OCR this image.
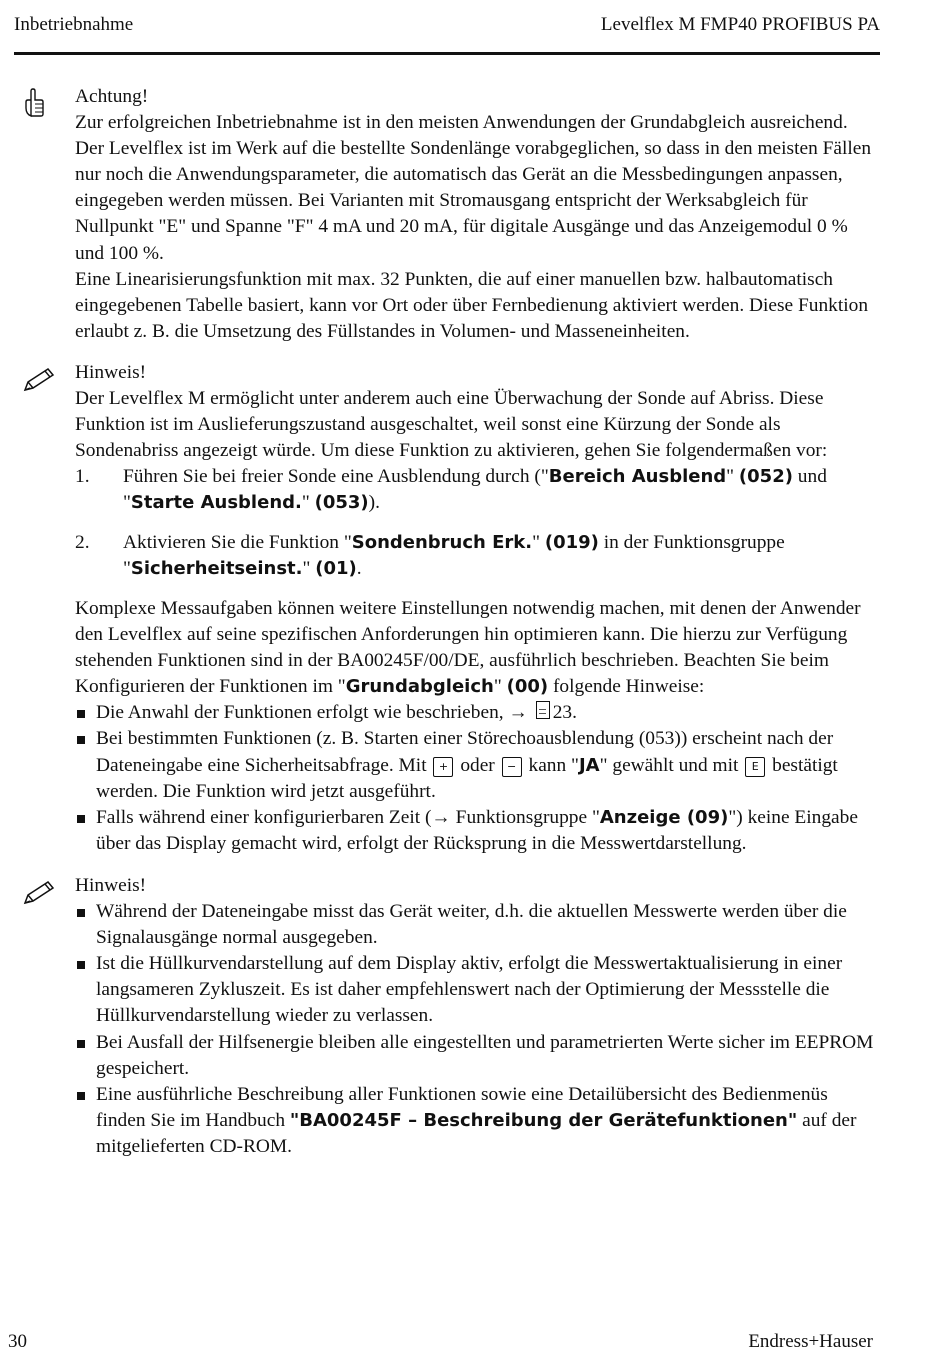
Inbetriebnahme	Levelflex M FMP40 PROFIBUS PA

Achtung!

Zur erfolgreichen Inbetriebnahme ist in den meisten Anwendungen der Grundabgleich ausreichend. Der Levelflex ist im Werk auf die bestellte Sondenlänge vorabgeglichen, so dass in den meisten Fällen nur noch die Anwendungsparameter, die automatisch das Gerät an die Messbedingungen anpassen, eingegeben werden müssen. Bei Varianten mit Stromausgang entspricht der Werksabgleich für Nullpunkt "E" und Spanne "F" 4 mA und 20 mA, für digitale Ausgänge und das Anzeigemodul 0 % und 100 %.

Eine Linearisierungsfunktion mit max. 32 Punkten, die auf einer manuellen bzw. halbautomatisch eingegebenen Tabelle basiert, kann vor Ort oder über Fernbedienung aktiviert werden. Diese Funktion erlaubt z. B. die Umsetzung des Füllstandes in Volumen- und Masseneinheiten.

Hinweis!

Der Levelflex M ermöglicht unter anderem auch eine Überwachung der Sonde auf Abriss. Diese Funktion ist im Auslieferungszustand ausgeschaltet, weil sonst eine Kürzung der Sonde als Sondenabriss angezeigt würde. Um diese Funktion zu aktivieren, gehen Sie folgendermaßen vor:

1. Führen Sie bei freier Sonde eine Ausblendung durch ("Bereich Ausblend" (052) und "Starte Ausblend." (053)).
2. Aktivieren Sie die Funktion "Sondenbruch Erk." (019) in der Funktionsgruppe "Sicherheitseinst." (01).

Komplexe Messaufgaben können weitere Einstellungen notwendig machen, mit denen der Anwender den Levelflex auf seine spezifischen Anforderungen hin optimieren kann. Die hierzu zur Verfügung stehenden Funktionen sind in der BA00245F/00/DE, ausführlich beschrieben. Beachten Sie beim Konfigurieren der Funktionen im "Grundabgleich" (00) folgende Hinweise:

Die Anwahl der Funktionen erfolgt wie beschrieben, → 23.
Bei bestimmten Funktionen (z. B. Starten einer Störechoausblendung (053)) erscheint nach der Dateneingabe eine Sicherheitsabfrage. Mit + oder − kann "JA" gewählt und mit E bestätigt werden. Die Funktion wird jetzt ausgeführt.
Falls während einer konfigurierbaren Zeit (→ Funktionsgruppe "Anzeige (09)") keine Eingabe über das Display gemacht wird, erfolgt der Rücksprung in die Messwertdarstellung.

Hinweis!

Während der Dateneingabe misst das Gerät weiter, d.h. die aktuellen Messwerte werden über die Signalausgänge normal ausgegeben.
Ist die Hüllkurvendarstellung auf dem Display aktiv, erfolgt die Messwertaktualisierung in einer langsameren Zykluszeit. Es ist daher empfehlenswert nach der Optimierung der Messstelle die Hüllkurvendarstellung wieder zu verlassen.
Bei Ausfall der Hilfsenergie bleiben alle eingestellten und parametrierten Werte sicher im EEPROM gespeichert.
Eine ausführliche Beschreibung aller Funktionen sowie eine Detailübersicht des Bedienmenüs finden Sie im Handbuch "BA00245F – Beschreibung der Gerätefunktionen" auf der mitgelieferten CD-ROM.
30	Endress+Hauser
